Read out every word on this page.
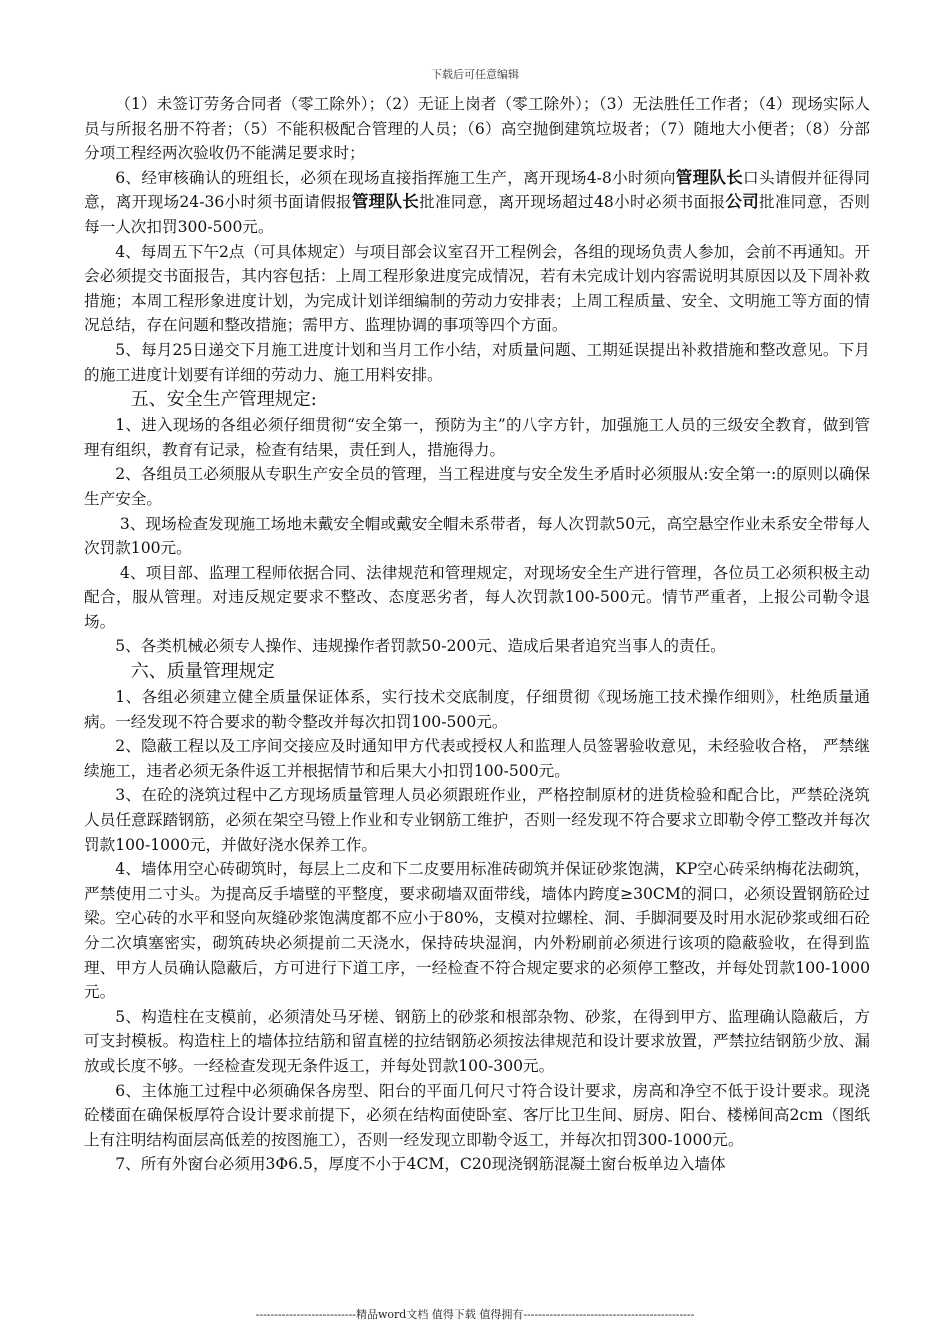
下载后可任意编辑

（1）未签订劳务合同者（零工除外）；（2）无证上岗者（零工除外）；（3）无法胜任工作者；（4）现场实际人员与所报名册不符者；（5）不能积极配合管理的人员；（6）高空抛倒建筑垃圾者；（7）随地大小便者；（8）分部分项工程经两次验收仍不能满足要求时；

6、经审核确认的班组长，必须在现场直接指挥施工生产，离开现场4-8小时须向管理队长口头请假并征得同意，离开现场24-36小时须书面请假报管理队长批准同意，离开现场超过48小时必须书面报公司批准同意，否则每一人次扣罚300-500元。

4、每周五下午2点（可具体规定）与项目部会议室召开工程例会，各组的现场负责人参加，会前不再通知。开会必须提交书面报告，其内容包括：上周工程形象进度完成情况，若有未完成计划内容需说明其原因以及下周补救措施；本周工程形象进度计划，为完成计划详细编制的劳动力安排表；上周工程质量、安全、文明施工等方面的情况总结，存在问题和整改措施；需甲方、监理协调的事项等四个方面。

5、每月25日递交下月施工进度计划和当月工作小结，对质量问题、工期延误提出补救措施和整改意见。下月的施工进度计划要有详细的劳动力、施工用料安排。

五、安全生产管理规定:

1、进入现场的各组必须仔细贯彻“安全第一，预防为主”的八字方针，加强施工人员的三级安全教育，做到管理有组织，教育有记录，检查有结果，责任到人，措施得力。

2、各组员工必须服从专职生产安全员的管理，当工程进度与安全发生矛盾时必须服从:安全第一:的原则以确保生产安全。

3、现场检查发现施工场地未戴安全帽或戴安全帽未系带者，每人次罚款50元，高空悬空作业未系安全带每人次罚款100元。

4、项目部、监理工程师依据合同、法律规范和管理规定，对现场安全生产进行管理，各位员工必须积极主动配合，服从管理。对违反规定要求不整改、态度恶劣者，每人次罚款100-500元。情节严重者，上报公司勒令退场。

5、各类机械必须专人操作、违规操作者罚款50-200元、造成后果者追究当事人的责任。

六、质量管理规定

1、各组必须建立健全质量保证体系，实行技术交底制度，仔细贯彻《现场施工技术操作细则》，杜绝质量通病。一经发现不符合要求的勒令整改并每次扣罚100-500元。

2、隐蔽工程以及工序间交接应及时通知甲方代表或授权人和监理人员签署验收意见，未经验收合格， 严禁继续施工，违者必须无条件返工并根据情节和后果大小扣罚100-500元。

3、在砼的浇筑过程中乙方现场质量管理人员必须跟班作业，严格控制原材的进货检验和配合比，严禁砼浇筑人员任意踩踏钢筋，必须在架空马镫上作业和专业钢筋工维护，否则一经发现不符合要求立即勒令停工整改并每次罚款100-1000元，并做好浇水保养工作。

4、墙体用空心砖砌筑时，每层上二皮和下二皮要用标准砖砌筑并保证砂浆饱满，KP空心砖采纳梅花法砌筑，严禁使用二寸头。为提高反手墙壁的平整度，要求砌墙双面带线，墙体内跨度≥30CM的洞口，必须设置钢筋砼过梁。空心砖的水平和竖向灰缝砂浆饱满度都不应小于80%，支模对拉螺栓、洞、手脚洞要及时用水泥砂浆或细石砼分二次填塞密实，砌筑砖块必须提前二天浇水，保持砖块湿润，内外粉刷前必须进行该项的隐蔽验收，在得到监理、甲方人员确认隐蔽后，方可进行下道工序，一经检查不符合规定要求的必须停工整改，并每处罚款100-1000元。

5、构造柱在支模前，必须清处马牙槎、钢筋上的砂浆和根部杂物、砂浆，在得到甲方、监理确认隐蔽后，方可支封模板。构造柱上的墙体拉结筋和留直槎的拉结钢筋必须按法律规范和设计要求放置，严禁拉结钢筋少放、漏放或长度不够。一经检查发现无条件返工，并每处罚款100-300元。

6、主体施工过程中必须确保各房型、阳台的平面几何尺寸符合设计要求，房高和净空不低于设计要求。现浇砼楼面在确保板厚符合设计要求前提下，必须在结构面使卧室、客厅比卫生间、厨房、阳台、楼梯间高2cm（图纸上有注明结构面层高低差的按图施工），否则一经发现立即勒令返工，并每次扣罚300-1000元。

7、所有外窗台必须用3Φ6.5，厚度不小于4CM，C20现浇钢筋混凝土窗台板单边入墙体

---------------------------精品word文档 值得下载 值得拥有----------------------------------------------
